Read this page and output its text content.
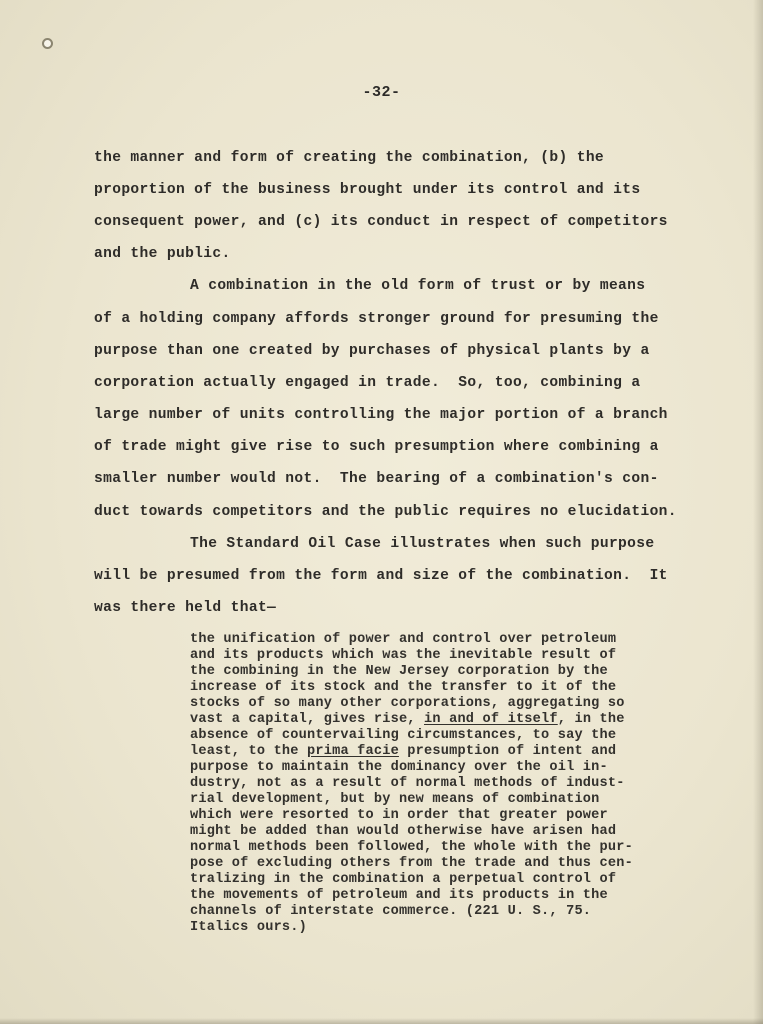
-32-
the manner and form of creating the combination, (b) the
proportion of the business brought under its control and its
consequent power, and (c) its conduct in respect of competitors
and the public.
A combination in the old form of trust or by means
of a holding company affords stronger ground for presuming the
purpose than one created by purchases of physical plants by a
corporation actually engaged in trade.  So, too, combining a
large number of units controlling the major portion of a branch
of trade might give rise to such presumption where combining a
smaller number would not.  The bearing of a combination's con-
duct towards competitors and the public requires no elucidation.
The Standard Oil Case illustrates when such purpose
will be presumed from the form and size of the combination.  It
was there held that—
the unification of power and control over petroleum
and its products which was the inevitable result of
the combining in the New Jersey corporation by the
increase of its stock and the transfer to it of the
stocks of so many other corporations, aggregating so
vast a capital, gives rise, in and of itself, in the
absence of countervailing circumstances, to say the
least, to the prima facie presumption of intent and
purpose to maintain the dominancy over the oil in-
dustry, not as a result of normal methods of indust-
rial development, but by new means of combination
which were resorted to in order that greater power
might be added than would otherwise have arisen had
normal methods been followed, the whole with the pur-
pose of excluding others from the trade and thus cen-
tralizing in the combination a perpetual control of
the movements of petroleum and its products in the
channels of interstate commerce. (221 U. S., 75.
Italics ours.)
